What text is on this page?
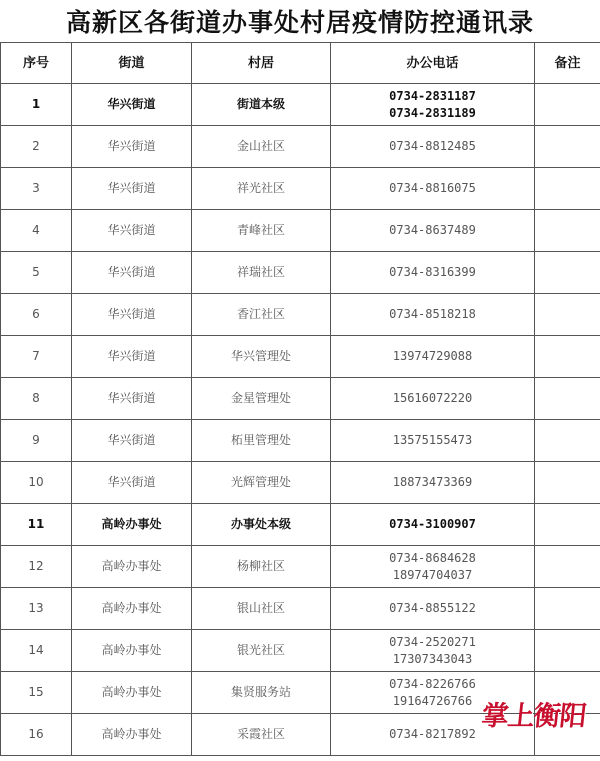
高新区各街道办事处村居疫情防控通讯录
序号	街道	村居	办公电话	备注
1	华兴街道	街道本级	0734-2831187
0734-2831189	

2	华兴街道	金山社区	0734-8812485	

3	华兴街道	祥光社区	0734-8816075	

4	华兴街道	青峰社区	0734-8637489	

5	华兴街道	祥瑞社区	0734-8316399	

6	华兴街道	香江社区	0734-8518218	

7	华兴街道	华兴管理处	13974729088	

8	华兴街道	金星管理处	15616072220	

9	华兴街道	柘里管理处	13575155473	

10	华兴街道	光辉管理处	18873473369	

11	高岭办事处	办事处本级	0734-3100907	

12	高岭办事处	杨柳社区	0734-8684628
18974704037	

13	高岭办事处	银山社区	0734-8855122	

14	高岭办事处	银光社区	0734-2520271
17307343043	

15	高岭办事处	集贤服务站	0734-8226766
19164726766	

16	高岭办事处	采霞社区	0734-8217892	

掌上衡阳
